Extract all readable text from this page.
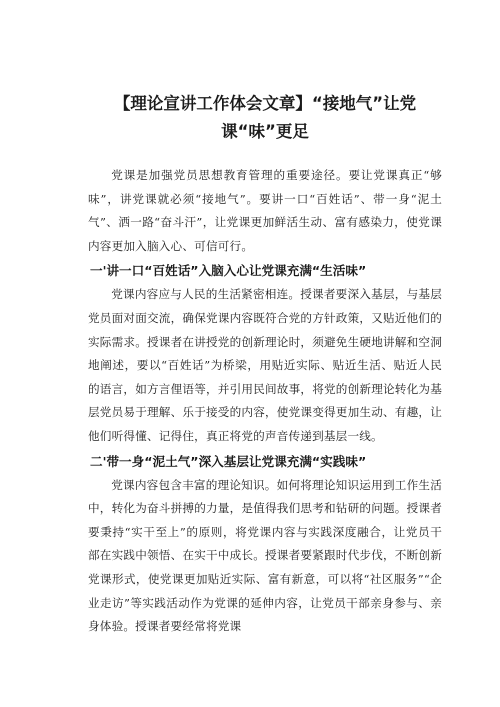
【理论宣讲工作体会文章】“接地气”让党课“味”更足

党课是加强党员思想教育管理的重要途径。要让党课真正“够味”，讲党课就必须“接地气”。要讲一口“百姓话”、带一身“泥土气”、洒一路“奋斗汗”，让党课更加鲜活生动、富有感染力，使党课内容更加入脑入心、可信可行。

一'讲一口“百姓话”入脑入心让党课充满“生活味”

党课内容应与人民的生活紧密相连。授课者要深入基层，与基层党员面对面交流，确保党课内容既符合党的方针政策，又贴近他们的实际需求。授课者在讲授党的创新理论时，须避免生硬地讲解和空洞地阐述，要以“百姓话”为桥梁，用贴近实际、贴近生活、贴近人民的语言，如方言俚语等，并引用民间故事，将党的创新理论转化为基层党员易于理解、乐于接受的内容，使党课变得更加生动、有趣，让他们听得懂、记得住，真正将党的声音传递到基层一线。

二'带一身“泥土气”深入基层让党课充满“实践味”

党课内容包含丰富的理论知识。如何将理论知识运用到工作生活中，转化为奋斗拼搏的力量，是值得我们思考和钻研的问题。授课者要秉持“实干至上”的原则，将党课内容与实践深度融合，让党员干部在实践中领悟、在实干中成长。授课者要紧跟时代步伐，不断创新党课形式，使党课更加贴近实际、富有新意，可以将“社区服务”“企业走访”等实践活动作为党课的延伸内容，让党员干部亲身参与、亲身体验。授课者要经常将党课
